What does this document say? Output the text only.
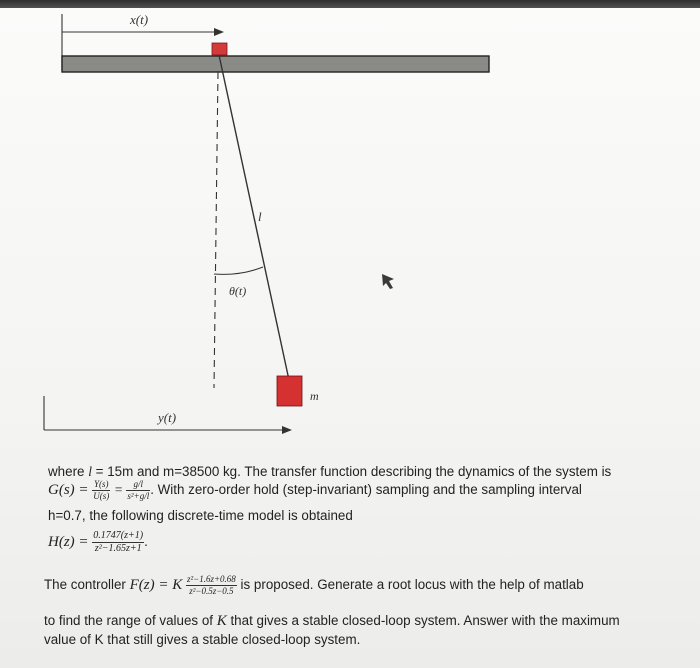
x(t)
θ(t)
l
m
y(t)
where l = 15m and m=38500 kg. The transfer function describing the dynamics of the system is
$G(s) = \frac{Y(s)}{U(s)} = \frac{g/l}{\text{s²+g/l}}$ . With zero-order hold (step-invariant) sampling and the sampling interval
h=0.7, the following discrete-time model is obtained
$H(z) = \frac{0.1747(z+1)}{\text{z²−1.65z+1}}$ .
The controller F(z) = K $\frac{\text{z²−1.6z+0.68}}{\text{z²−0.5z−0.5}}$ is proposed. Generate a root locus with the help of matlab
to find the range of values of K that gives a stable closed-loop system. Answer with the maximum
value of K that still gives a stable closed-loop system.
